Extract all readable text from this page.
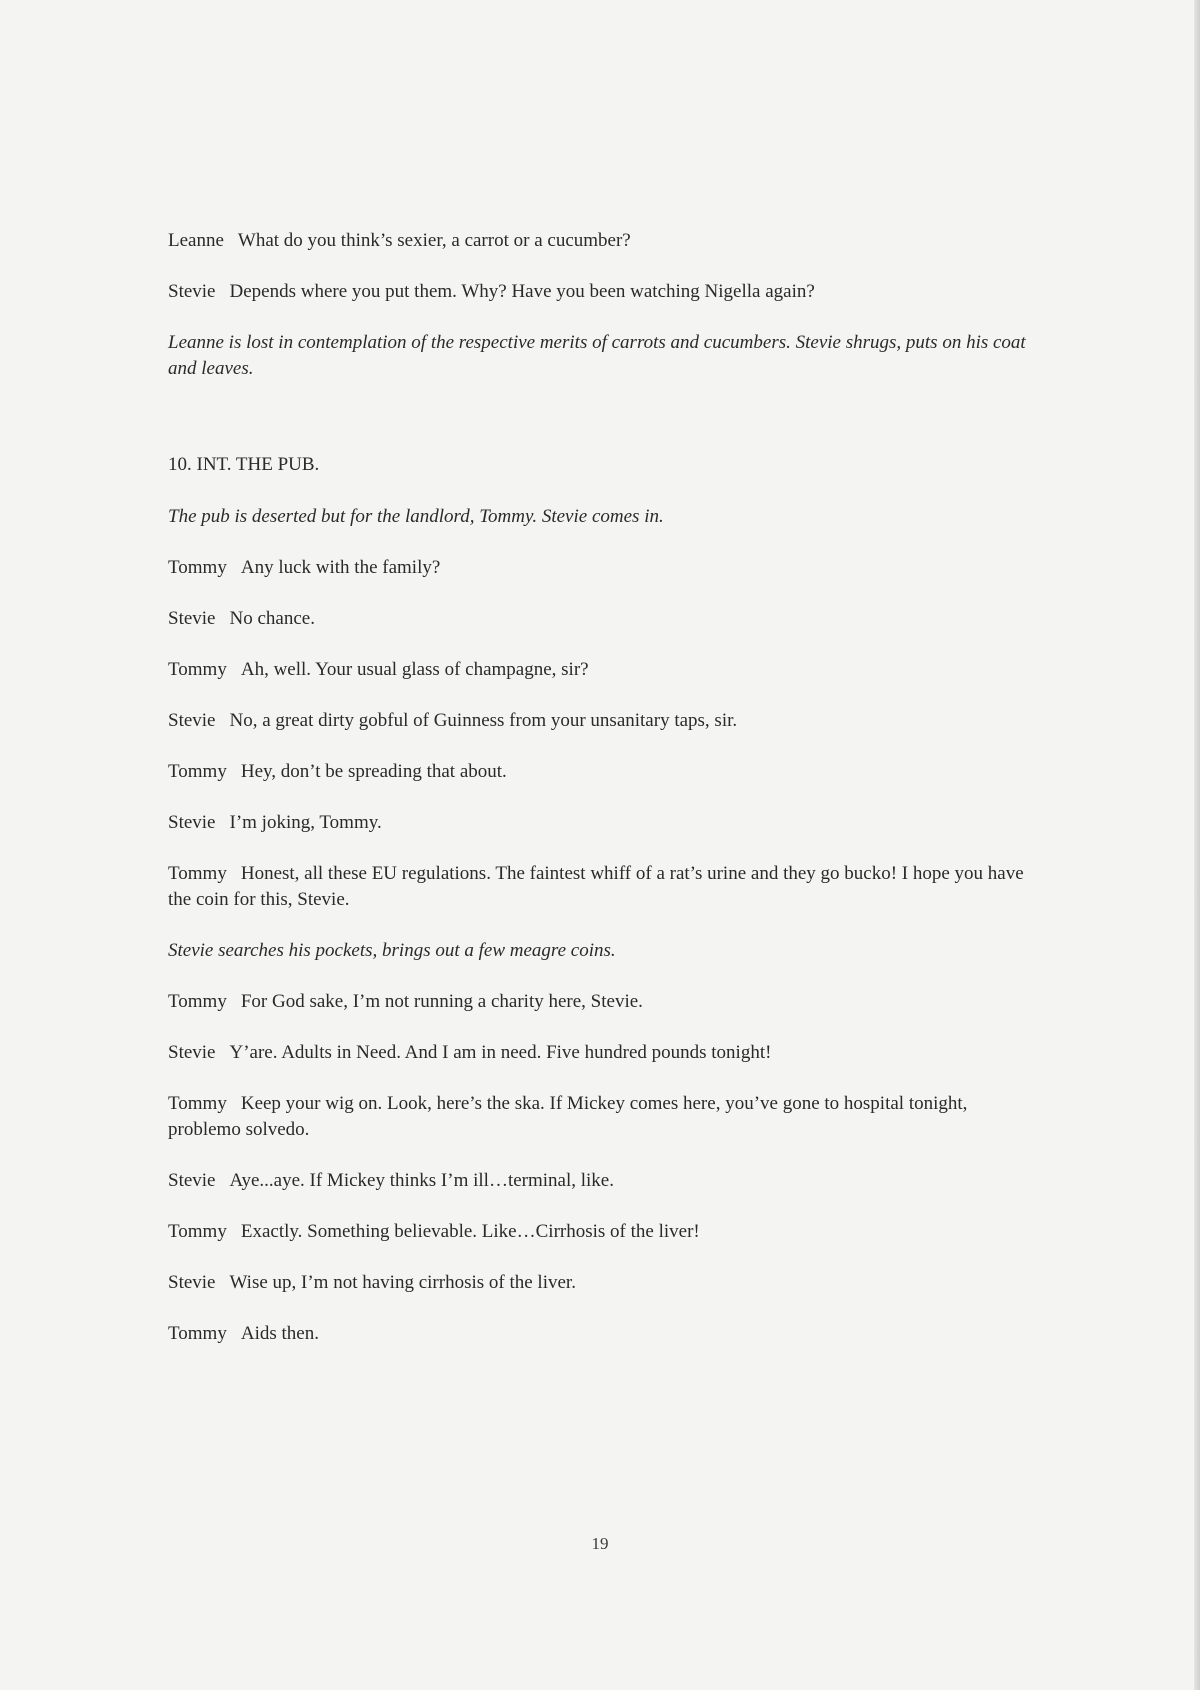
Leanne What do you think’s sexier, a carrot or a cucumber?

Stevie Depends where you put them. Why? Have you been watching Nigella again?

Leanne is lost in contemplation of the respective merits of carrots and cucumbers. Stevie shrugs, puts on his coat and leaves.

10. INT. THE PUB.

The pub is deserted but for the landlord, Tommy. Stevie comes in.

Tommy Any luck with the family?

Stevie No chance.

Tommy Ah, well. Your usual glass of champagne, sir?

Stevie No, a great dirty gobful of Guinness from your unsanitary taps, sir.

Tommy Hey, don’t be spreading that about.

Stevie I’m joking, Tommy.

Tommy Honest, all these EU regulations. The faintest whiff of a rat’s urine and they go bucko! I hope you have the coin for this, Stevie.

Stevie searches his pockets, brings out a few meagre coins.

Tommy For God sake, I’m not running a charity here, Stevie.

Stevie Y’are. Adults in Need. And I am in need. Five hundred pounds tonight!

Tommy Keep your wig on. Look, here’s the ska. If Mickey comes here, you’ve gone to hospital tonight, problemo solvedo.

Stevie Aye...aye. If Mickey thinks I’m ill…terminal, like.

Tommy Exactly. Something believable. Like…Cirrhosis of the liver!

Stevie Wise up, I’m not having cirrhosis of the liver.

Tommy Aids then.

19
